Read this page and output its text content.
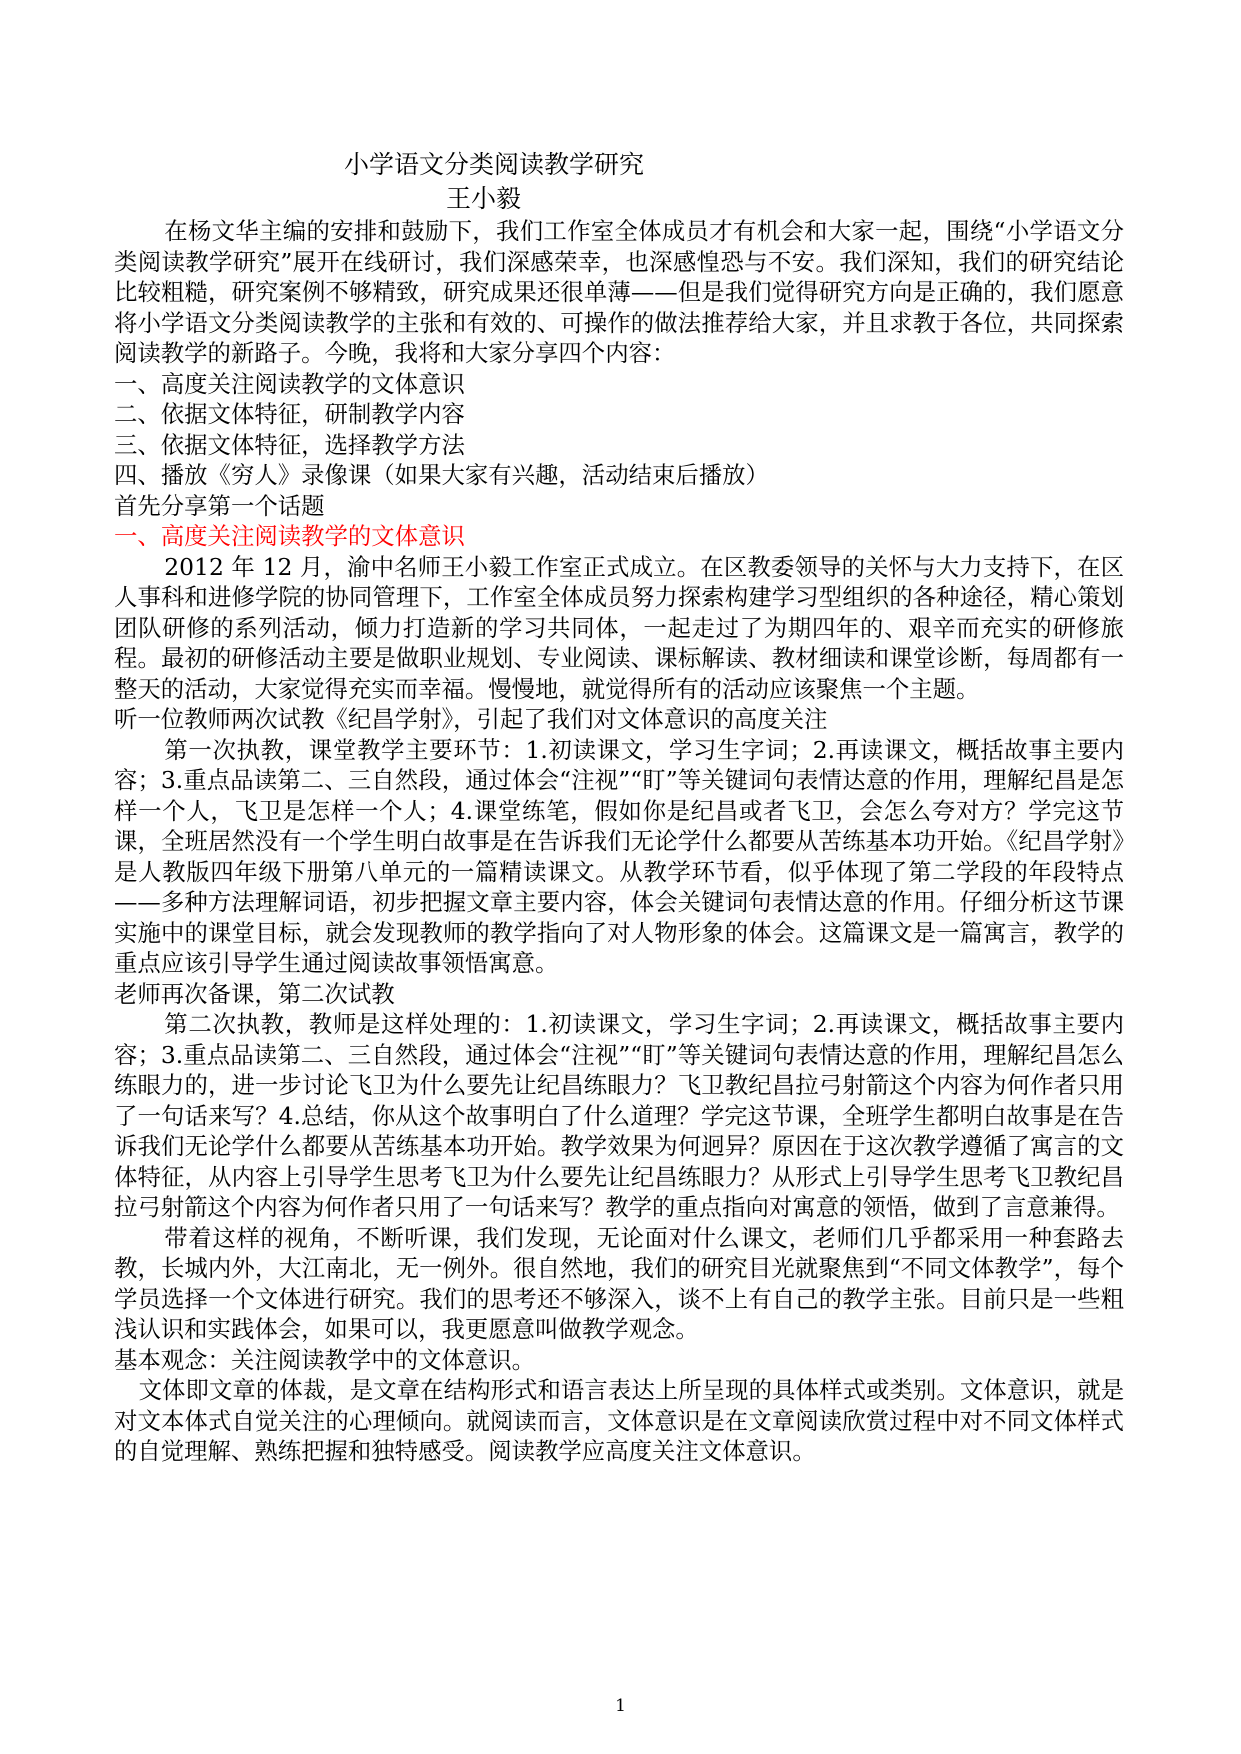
小学语文分类阅读教学研究
王小毅

在杨文华主编的安排和鼓励下，我们工作室全体成员才有机会和大家一起，围绕“小学语文分类阅读教学研究”展开在线研讨，我们深感荣幸，也深感惶恐与不安。我们深知，我们的研究结论比较粗糙，研究案例不够精致，研究成果还很单薄——但是我们觉得研究方向是正确的，我们愿意将小学语文分类阅读教学的主张和有效的、可操作的做法推荐给大家，并且求教于各位，共同探索阅读教学的新路子。今晚，我将和大家分享四个内容：

一、高度关注阅读教学的文体意识

二、依据文体特征，研制教学内容

三、依据文体特征，选择教学方法

四、播放《穷人》录像课（如果大家有兴趣，活动结束后播放）

首先分享第一个话题

一、高度关注阅读教学的文体意识

2012 年 12 月，渝中名师王小毅工作室正式成立。在区教委领导的关怀与大力支持下，在区人事科和进修学院的协同管理下，工作室全体成员努力探索构建学习型组织的各种途径，精心策划团队研修的系列活动，倾力打造新的学习共同体，一起走过了为期四年的、艰辛而充实的研修旅程。最初的研修活动主要是做职业规划、专业阅读、课标解读、教材细读和课堂诊断，每周都有一整天的活动，大家觉得充实而幸福。慢慢地，就觉得所有的活动应该聚焦一个主题。

听一位教师两次试教《纪昌学射》，引起了我们对文体意识的高度关注

第一次执教，课堂教学主要环节：1.初读课文，学习生字词；2.再读课文，概括故事主要内容；3.重点品读第二、三自然段，通过体会“注视”“盯”等关键词句表情达意的作用，理解纪昌是怎样一个人，飞卫是怎样一个人；4.课堂练笔，假如你是纪昌或者飞卫，会怎么夸对方？学完这节课，全班居然没有一个学生明白故事是在告诉我们无论学什么都要从苦练基本功开始。《纪昌学射》是人教版四年级下册第八单元的一篇精读课文。从教学环节看，似乎体现了第二学段的年段特点——多种方法理解词语，初步把握文章主要内容，体会关键词句表情达意的作用。仔细分析这节课实施中的课堂目标，就会发现教师的教学指向了对人物形象的体会。这篇课文是一篇寓言，教学的重点应该引导学生通过阅读故事领悟寓意。

老师再次备课，第二次试教

第二次执教，教师是这样处理的：1.初读课文，学习生字词；2.再读课文，概括故事主要内容；3.重点品读第二、三自然段，通过体会“注视”“盯”等关键词句表情达意的作用，理解纪昌怎么练眼力的，进一步讨论飞卫为什么要先让纪昌练眼力？飞卫教纪昌拉弓射箭这个内容为何作者只用了一句话来写？4.总结，你从这个故事明白了什么道理？学完这节课，全班学生都明白故事是在告诉我们无论学什么都要从苦练基本功开始。教学效果为何迥异？原因在于这次教学遵循了寓言的文体特征，从内容上引导学生思考飞卫为什么要先让纪昌练眼力？从形式上引导学生思考飞卫教纪昌拉弓射箭这个内容为何作者只用了一句话来写？教学的重点指向对寓意的领悟，做到了言意兼得。

带着这样的视角，不断听课，我们发现，无论面对什么课文，老师们几乎都采用一种套路去教，长城内外，大江南北，无一例外。很自然地，我们的研究目光就聚焦到“不同文体教学”，每个学员选择一个文体进行研究。我们的思考还不够深入，谈不上有自己的教学主张。目前只是一些粗浅认识和实践体会，如果可以，我更愿意叫做教学观念。

基本观念：关注阅读教学中的文体意识。

文体即文章的体裁，是文章在结构形式和语言表达上所呈现的具体样式或类别。文体意识，就是对文本体式自觉关注的心理倾向。就阅读而言，文体意识是在文章阅读欣赏过程中对不同文体样式的自觉理解、熟练把握和独特感受。阅读教学应高度关注文体意识。

1
